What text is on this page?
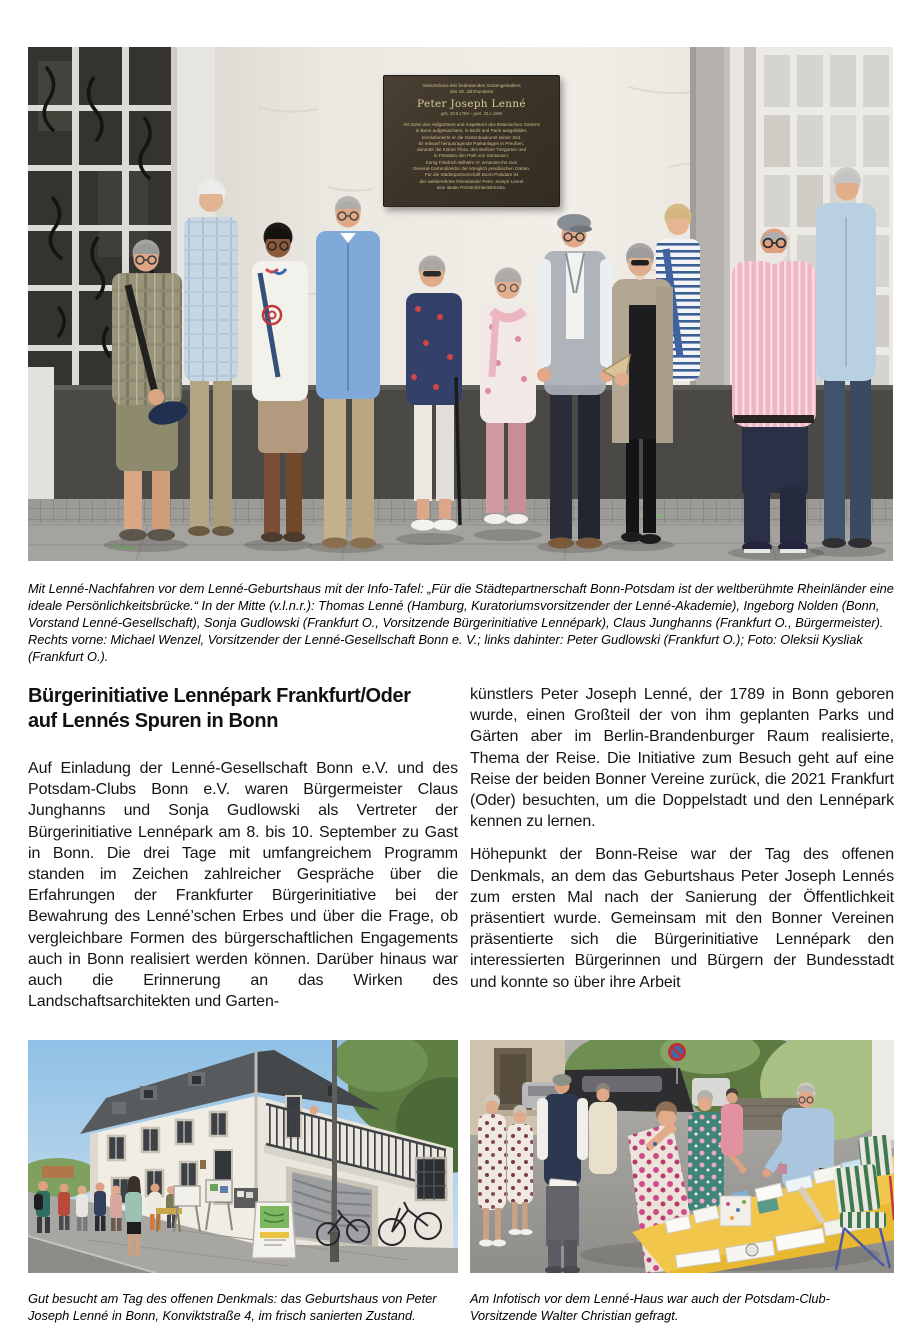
Geburtshaus des bedeutenden Gartengestalters
des 19. Jahrhunderts
Peter Joseph Lenné
geb. 29.9.1789 – gest. 23.1.1866
Als Sohn des Hofgärtners und Inspektors des Botanischen Gartens
in Bonn aufgewachsen, in Brühl und Paris ausgebildet,
revolutionierte er die Gartenbaukunst seiner Zeit.
Er entwarf herausragende Parkanlagen in Preußen,
darunter die Kölner Flora, den Berliner Tiergarten und
in Potsdam den Park von Sanssouci.
König Friedrich Wilhelm IV. ernannte ihn zum
General-Gartendirektor der königlich preußischen Gärten.
Für die Städtepartnerschaft Bonn-Potsdam ist
der weltberühmte Rheinländer Peter Joseph Lenné
eine ideale Persönlichkeitsbrücke.

Mit Lenné-Nachfahren vor dem Lenné-Geburtshaus mit der Info-Tafel: „Für die Städtepartnerschaft Bonn-Potsdam ist der weltberühmte Rheinländer eine ideale Persönlichkeitsbrücke.“ In der Mitte (v.l.n.r.): Thomas Lenné (Hamburg, Kuratoriumsvorsitzender der Lenné-Akademie), Ingeborg Nolden (Bonn, Vorstand Lenné-Gesellschaft), Sonja Gudlowski (Frankfurt O., Vorsitzende Bürgerinitiative Lennépark), Claus Junghanns (Frankfurt O., Bürgermeister). Rechts vorne: Michael Wenzel, Vorsitzender der Lenné-Gesellschaft Bonn e. V.; links dahinter: Peter Gudlowski (Frankfurt O.); Foto: Oleksii Kysliak (Frankfurt O.).

Bürgerinitiative Lennépark Frankfurt/Oder
auf Lennés Spuren in Bonn

Auf Einladung der Lenné-Gesellschaft Bonn e.V. und des Potsdam-Clubs Bonn e.V. waren Bürgermeister Claus Junghanns und Sonja Gudlowski als Vertreter der Bürgerinitiative Lennépark am 8. bis 10. September zu Gast in Bonn. Die drei Tage mit umfangreichem Programm standen im Zeichen zahlreicher Gespräche über die Erfahrungen der Frankfurter Bürgerinitiative bei der Bewahrung des Lenné’schen Erbes und über die Frage, ob vergleichbare Formen des bürgerschaftlichen Engagements auch in Bonn realisiert werden können. Darüber hinaus war auch die Erinnerung an das Wirken des Landschaftsarchitekten und Garten-

künstlers Peter Joseph Lenné, der 1789 in Bonn geboren wurde, einen Großteil der von ihm geplanten Parks und Gärten aber im Berlin-Brandenburger Raum realisierte, Thema der Reise. Die Initiative zum Besuch geht auf eine Reise der beiden Bonner Vereine zurück, die 2021 Frankfurt (Oder) besuchten, um die Doppelstadt und den Lennépark kennen zu lernen.

Höhepunkt der Bonn-Reise war der Tag des offenen Denkmals, an dem das Geburtshaus Peter Joseph Lennés zum ersten Mal nach der Sanierung der Öffentlichkeit präsentiert wurde. Gemeinsam mit den Bonner Vereinen präsentierte sich die Bürgerinitiative Lennépark den interessierten Bürgerinnen und Bürgern der Bundesstadt und konnte so über ihre Arbeit

Gut besucht am Tag des offenen Denkmals: das Geburtshaus von Peter Joseph Lenné in Bonn, Konviktstraße 4, im frisch sanierten Zustand.
Am Infotisch vor dem Lenné-Haus war auch der Potsdam-Club-Vorsitzende Walter Christian gefragt.
